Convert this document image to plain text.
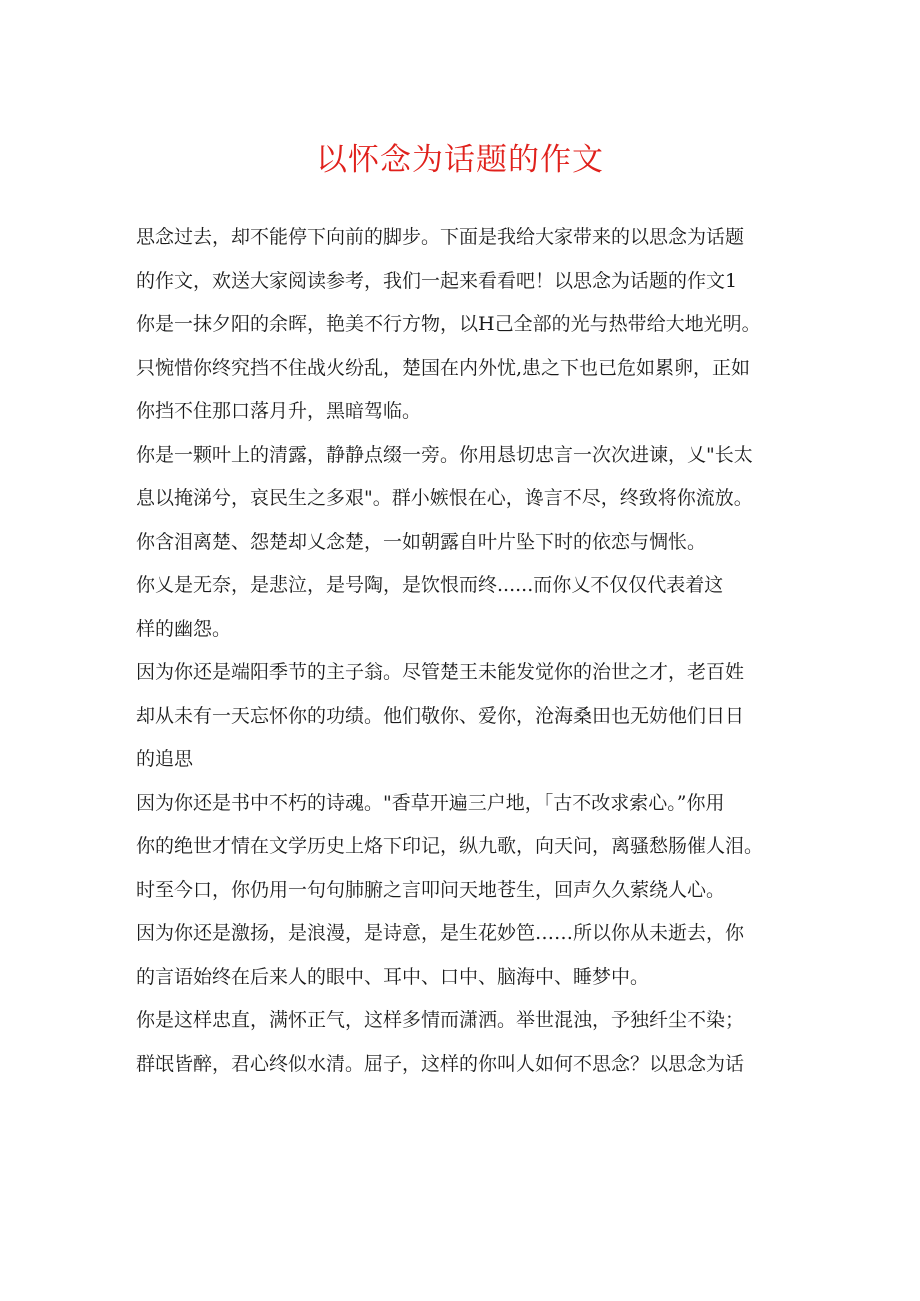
以怀念为话题的作文
思念过去，却不能停下向前的脚步。下面是我给大家带来的以思念为话题
的作文，欢送大家阅读参考，我们一起来看看吧！以思念为话题的作文1
你是一抹夕阳的余晖，艳美不行方物，以H己全部的光与热带给大地光明。
只惋惜你终究挡不住战火纷乱，楚国在内外忧,患之下也已危如累卵，正如
你挡不住那口落月升，黑暗驾临。
你是一颗叶上的清露，静静点缀一旁。你用恳切忠言一次次进谏，乂"长太
息以掩涕兮，哀民生之多艰"。群小嫉恨在心，谗言不尽，终致将你流放。
你含泪离楚、怨楚却乂念楚，一如朝露自叶片坠下时的依恋与惆怅。
你乂是无奈，是悲泣，是号陶，是饮恨而终......而你乂不仅仅代表着这
样的幽怨。
因为你还是端阳季节的主子翁。尽管楚王未能发觉你的治世之才，老百姓
却从未有一天忘怀你的功绩。他们敬你、爱你，沧海桑田也无妨他们日日
的追思
因为你还是书中不朽的诗魂。"香草开遍三户地，「古不改求索心。”你用
你的绝世才情在文学历史上烙下印记，纵九歌，向天问，离骚愁肠催人泪。
时至今口，你仍用一句句肺腑之言叩问天地苍生，回声久久萦绕人心。
因为你还是激扬，是浪漫，是诗意，是生花妙笆……所以你从未逝去，你
的言语始终在后来人的眼中、耳中、口中、脑海中、睡梦中。
你是这样忠直，满怀正气，这样多情而潇洒。举世混浊，予独纤尘不染；
群氓皆醉，君心终似水清。屈子，这样的你叫人如何不思念？以思念为话
